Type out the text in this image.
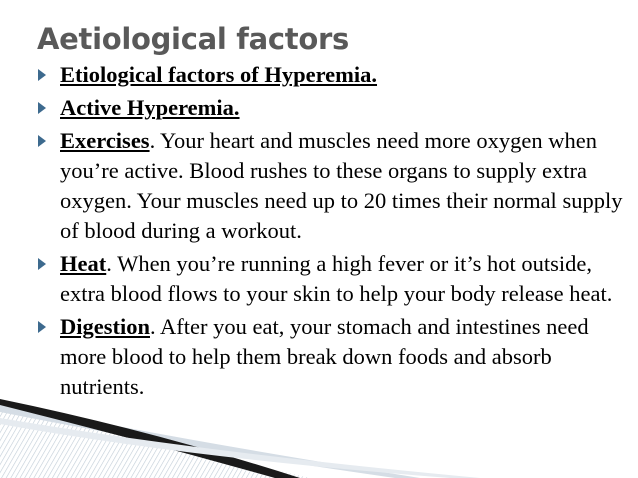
Aetiological factors
Etiological factors of Hyperemia.
Active Hyperemia.
Exercises. Your heart and muscles need more oxygen when you’re active. Blood rushes to these organs to supply extra oxygen. Your muscles need up to 20 times their normal supply of blood during a workout.
Heat. When you’re running a high fever or it’s hot outside, extra blood flows to your skin to help your body release heat.
Digestion. After you eat, your stomach and intestines need more blood to help them break down foods and absorb nutrients.
